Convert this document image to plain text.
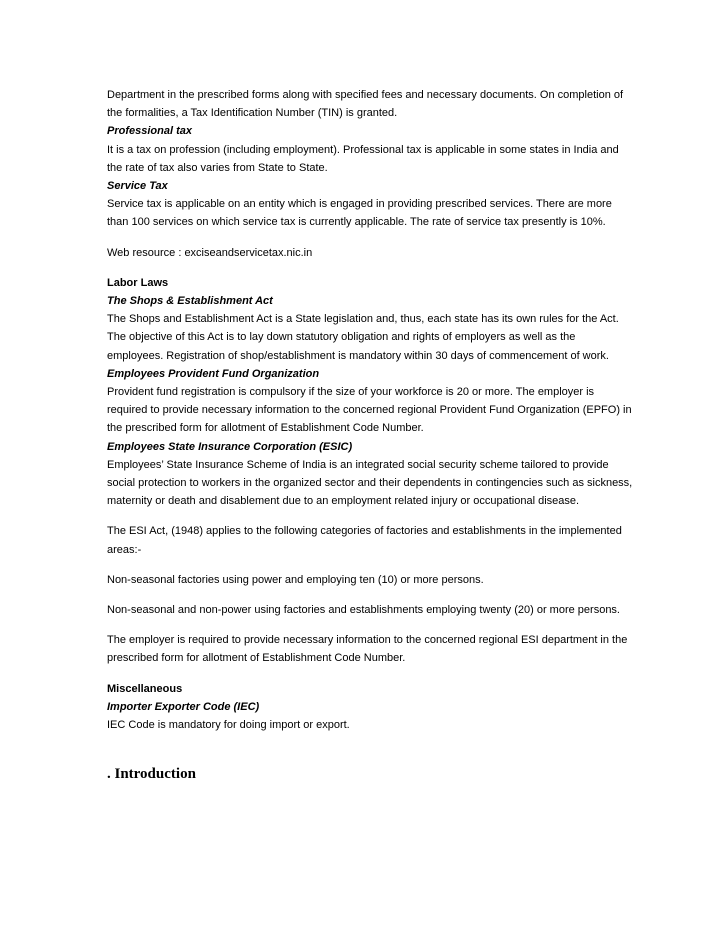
Department in the prescribed forms along with specified fees and necessary documents. On completion of
the formalities, a Tax Identification Number (TIN) is granted.
Professional tax
It is a tax on profession (including employment). Professional tax is applicable in some states in India and
the rate of tax also varies from State to State.
Service Tax
Service tax is applicable on an entity which is engaged in providing prescribed services. There are more
than 100 services on which service tax is currently applicable. The rate of service tax presently is 10%.
Web resource : exciseandservicetax.nic.in
Labor Laws
The Shops & Establishment Act
The Shops and Establishment Act is a State legislation and, thus, each state has its own rules for the Act.
The objective of this Act is to lay down statutory obligation and rights of employers as well as the
employees. Registration of shop/establishment is mandatory within 30 days of commencement of work.
Employees Provident Fund Organization
Provident fund registration is compulsory if the size of your workforce is 20 or more. The employer is
required to provide necessary information to the concerned regional Provident Fund Organization (EPFO) in
the prescribed form for allotment of Establishment Code Number.
Employees State Insurance Corporation (ESIC)
Employees’ State Insurance Scheme of India is an integrated social security scheme tailored to provide
social protection to workers in the organized sector and their dependents in contingencies such as sickness,
maternity or death and disablement due to an employment related injury or occupational disease.
The ESI Act, (1948) applies to the following categories of factories and establishments in the implemented
areas:-
Non-seasonal factories using power and employing ten (10) or more persons.
Non-seasonal and non-power using factories and establishments employing twenty (20) or more persons.
The employer is required to provide necessary information to the concerned regional ESI department in the
prescribed form for allotment of Establishment Code Number.
Miscellaneous
Importer Exporter Code (IEC)
IEC Code is mandatory for doing import or export.
. Introduction
